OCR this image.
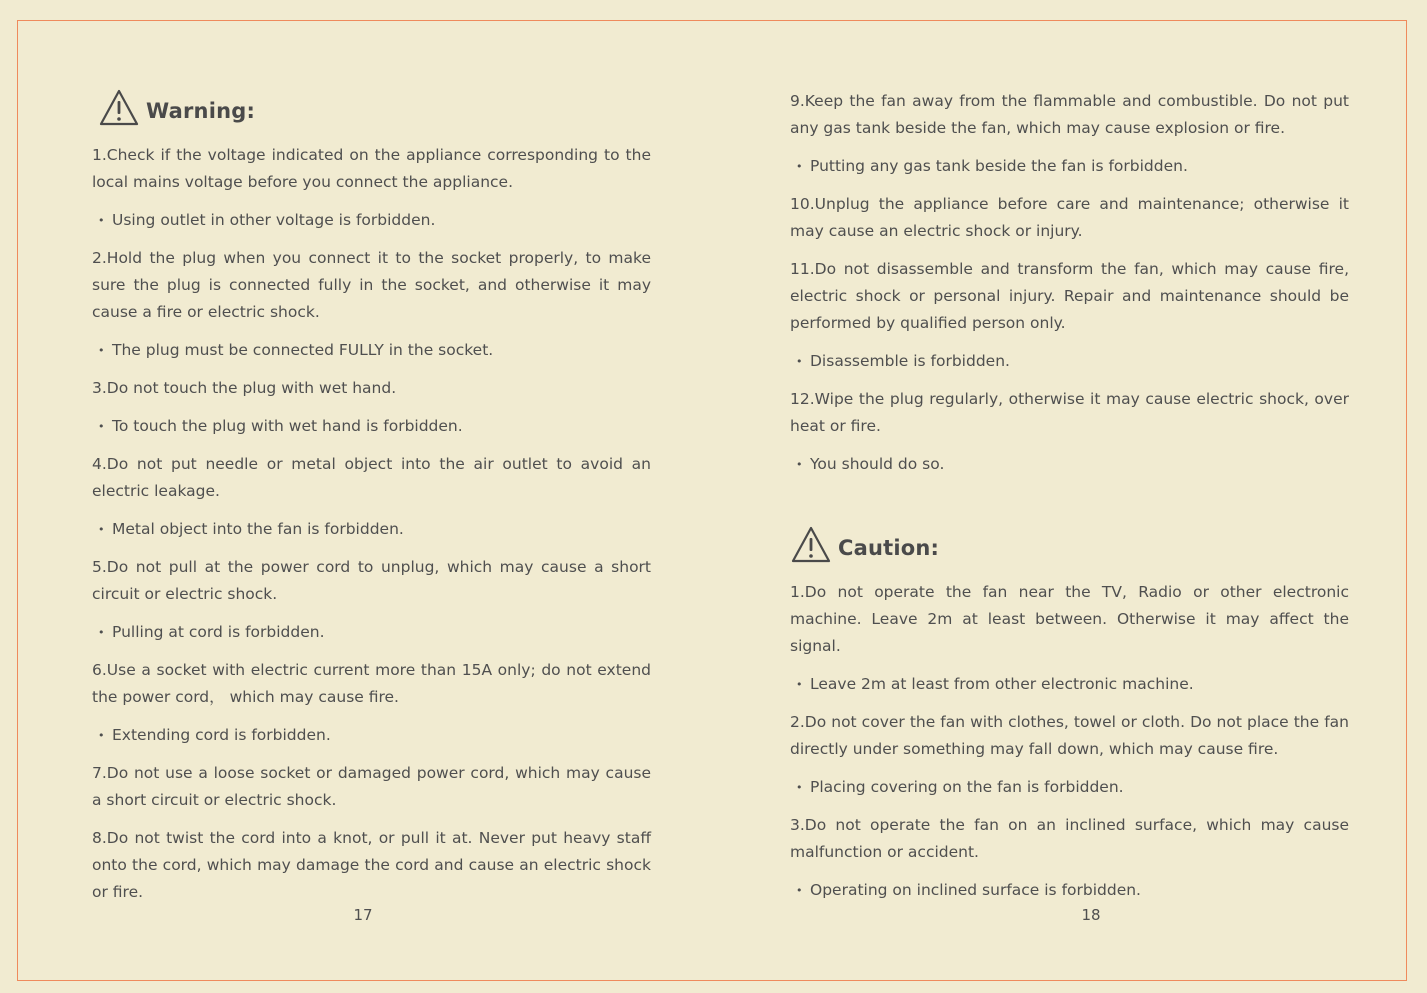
Warning:
1.Check if the voltage indicated on the appliance corresponding to the local mains voltage before you connect the appliance.
• Using outlet in other voltage is forbidden.
2.Hold the plug when you connect it to the socket properly, to make sure the plug is connected fully in the socket, and otherwise it may cause a fire or electric shock.
• The plug must be connected FULLY in the socket.
3.Do not touch the plug with wet hand.
• To touch the plug with wet hand is forbidden.
4.Do not put needle or metal object into the air outlet to avoid an electric leakage.
• Metal object into the fan is forbidden.
5.Do not pull at the power cord to unplug, which may cause a short circuit or electric shock.
• Pulling at cord is forbidden.
6.Use a socket with electric current more than 15A only; do not extend the power cord， which may cause fire.
• Extending cord is forbidden.
7.Do not use a loose socket or damaged power cord, which may cause a short circuit or electric shock.
8.Do not twist the cord into a knot, or pull it at. Never put heavy staff onto the cord, which may damage the cord and cause an electric shock or fire.
9.Keep the fan away from the flammable and combustible. Do not put any gas tank beside the fan, which may cause explosion or fire.
• Putting any gas tank beside the fan is forbidden.
10.Unplug the appliance before care and maintenance; otherwise it may cause an electric shock or injury.
11.Do not disassemble and transform the fan, which may cause fire, electric shock or personal injury. Repair and maintenance should be performed by qualified person only.
• Disassemble is forbidden.
12.Wipe the plug regularly, otherwise it may cause electric shock, over heat or fire.
• You should do so.
Caution:
1.Do not operate the fan near the TV, Radio or other electronic machine. Leave 2m at least between. Otherwise it may affect the signal.
• Leave 2m at least from other electronic machine.
2.Do not cover the fan with clothes, towel or cloth. Do not place the fan directly under something may fall down, which may cause fire.
• Placing covering on the fan is forbidden.
3.Do not operate the fan on an inclined surface, which may cause malfunction or accident.
• Operating on inclined surface is forbidden.
17	18
